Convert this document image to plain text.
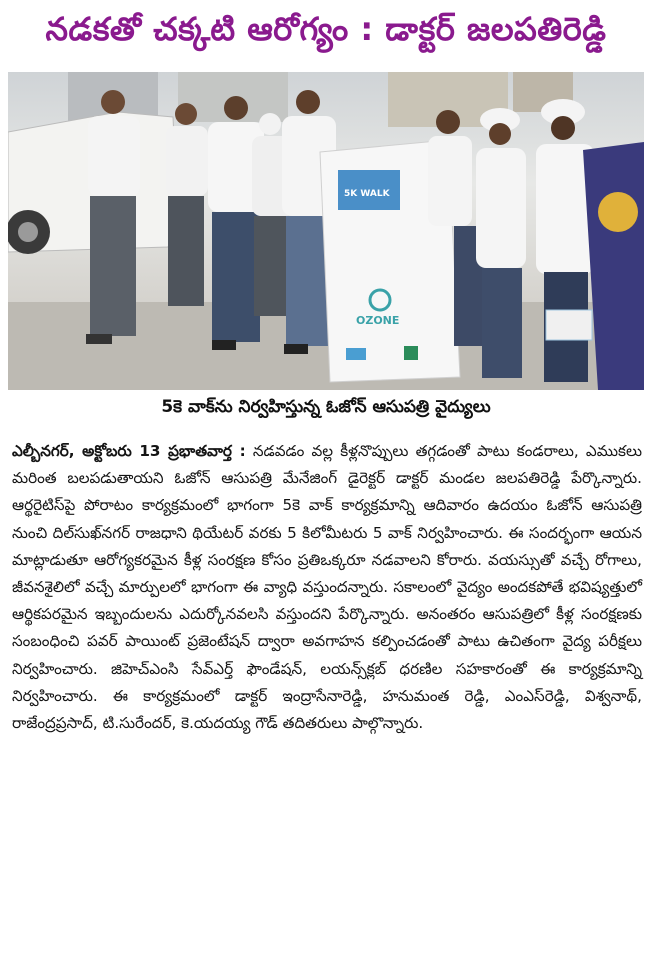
నడకతో చక్కటి ఆరోగ్యం : డాక్టర్ జలపతిరెడ్డి
5K WALK
OZONE
5కె వాక్‌ను నిర్వహిస్తున్న ఓజోన్ ఆసుపత్రి వైద్యులు

ఎల్బీనగర్, అక్టోబరు 13 ప్రభాతవార్త : నడవడం వల్ల కీళ్లనొప్పులు తగ్గడంతో పాటు కండరాలు, ఎముకలు మరింత బలపడుతాయని ఓజోన్ ఆసుపత్రి మేనేజింగ్ డైరెక్టర్ డాక్టర్ మండల జలపతిరెడ్డి పేర్కొన్నారు. ఆర్థరైటిస్‌పై పోరాటం కార్యక్రమంలో భాగంగా 5కె వాక్ కార్యక్రమాన్ని ఆదివారం ఉదయం ఓజోన్ ఆసుపత్రి నుంచి దిల్‌సుఖ్‌నగర్ రాజధాని థియేటర్ వరకు 5 కిలోమీటరు 5 వాక్ నిర్వహించారు. ఈ సందర్భంగా ఆయన మాట్లాడుతూ ఆరోగ్యకరమైన కీళ్ల సంరక్షణ కోసం ప్రతిఒక్కరూ నడవాలని కోరారు. వయస్సుతో వచ్చే రోగాలు, జీవనశైలిలో వచ్చే మార్పులలో భాగంగా ఈ వ్యాధి వస్తుందన్నారు. సకాలంలో వైద్యం అందకపోతే భవిష్యత్తులో ఆర్థికపరమైన ఇబ్బందులను ఎదుర్కోనవలసి వస్తుందని పేర్కొన్నారు. అనంతరం ఆసుపత్రిలో కీళ్ల సంరక్షణకు సంబంధించి పవర్ పాయింట్ ప్రజెంటేషన్ ద్వారా అవగాహన కల్పించడంతో పాటు ఉచితంగా వైద్య పరీక్షలు నిర్వహించారు. జిహెచ్ఎంసి సేవ్‌ఎర్త్ ఫౌండేషన్, లయన్స్‌క్లబ్ ధరణిల సహకారంతో ఈ కార్యక్రమాన్ని నిర్వహించారు. ఈ కార్యక్రమంలో డాక్టర్ ఇంద్రాసేనారెడ్డి, హనుమంత రెడ్డి, ఎంఎస్‌రెడ్డి, విశ్వనాథ్, రాజేంద్రప్రసాద్, టి.సురేందర్, కె.యదయ్య గౌడ్ తదితరులు పాల్గొన్నారు.
